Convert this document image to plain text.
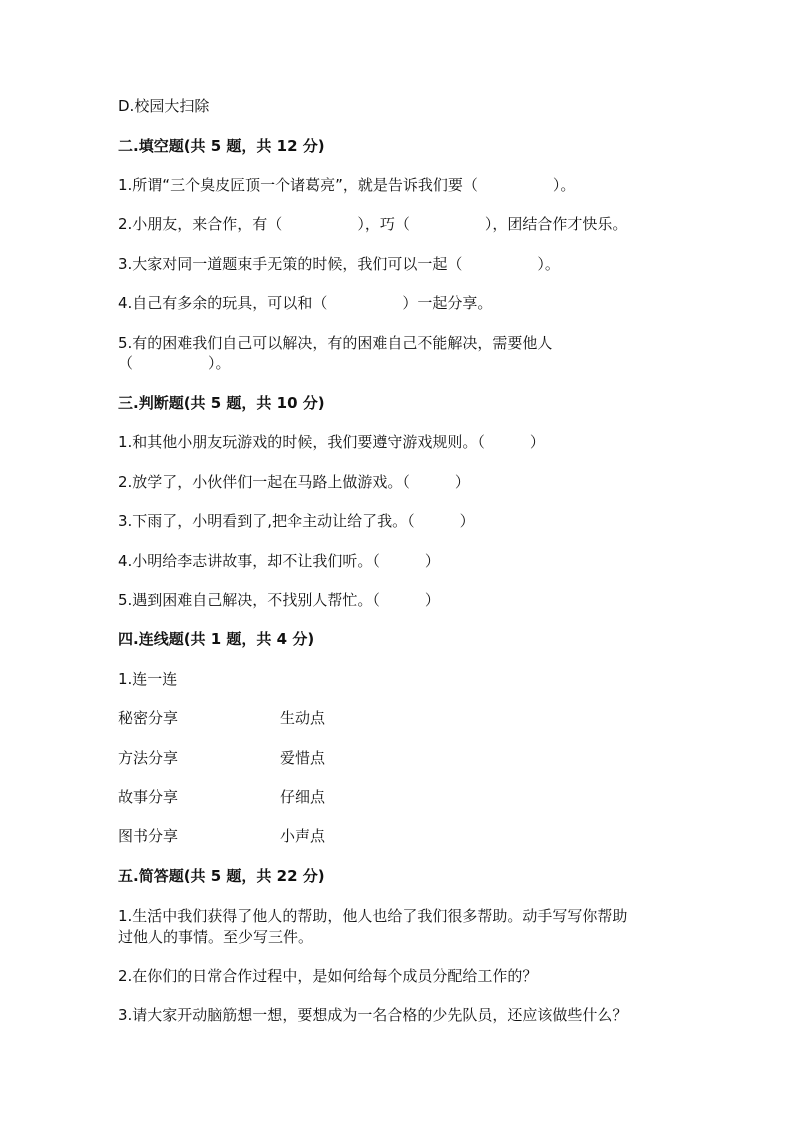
D.校园大扫除
二.填空题(共 5 题，共 12 分)
1.所谓“三个臭皮匠顶一个诸葛亮”，就是告诉我们要（　　　　　）。
2.小朋友，来合作，有（　　　　　），巧（　　　　　），团结合作才快乐。
3.大家对同一道题束手无策的时候，我们可以一起（　　　　　）。
4.自己有多余的玩具，可以和（　　　　　）一起分享。
5.有的困难我们自己可以解决，有的困难自己不能解决，需要他人
（　　　　　）。
三.判断题(共 5 题，共 10 分)
1.和其他小朋友玩游戏的时候，我们要遵守游戏规则。（　　　）
2.放学了，小伙伴们一起在马路上做游戏。（　　　）
3.下雨了，小明看到了,把伞主动让给了我。（　　　）
4.小明给李志讲故事，却不让我们听。（　　　）
5.遇到困难自己解决，不找别人帮忙。（　　　）
四.连线题(共 1 题，共 4 分)
1.连一连
秘密分享	生动点
方法分享	爱惜点
故事分享	仔细点
图书分享	小声点
五.简答题(共 5 题，共 22 分)
1.生活中我们获得了他人的帮助，他人也给了我们很多帮助。动手写写你帮助
过他人的事情。至少写三件。
2.在你们的日常合作过程中，是如何给每个成员分配给工作的？
3.请大家开动脑筋想一想，要想成为一名合格的少先队员，还应该做些什么？
